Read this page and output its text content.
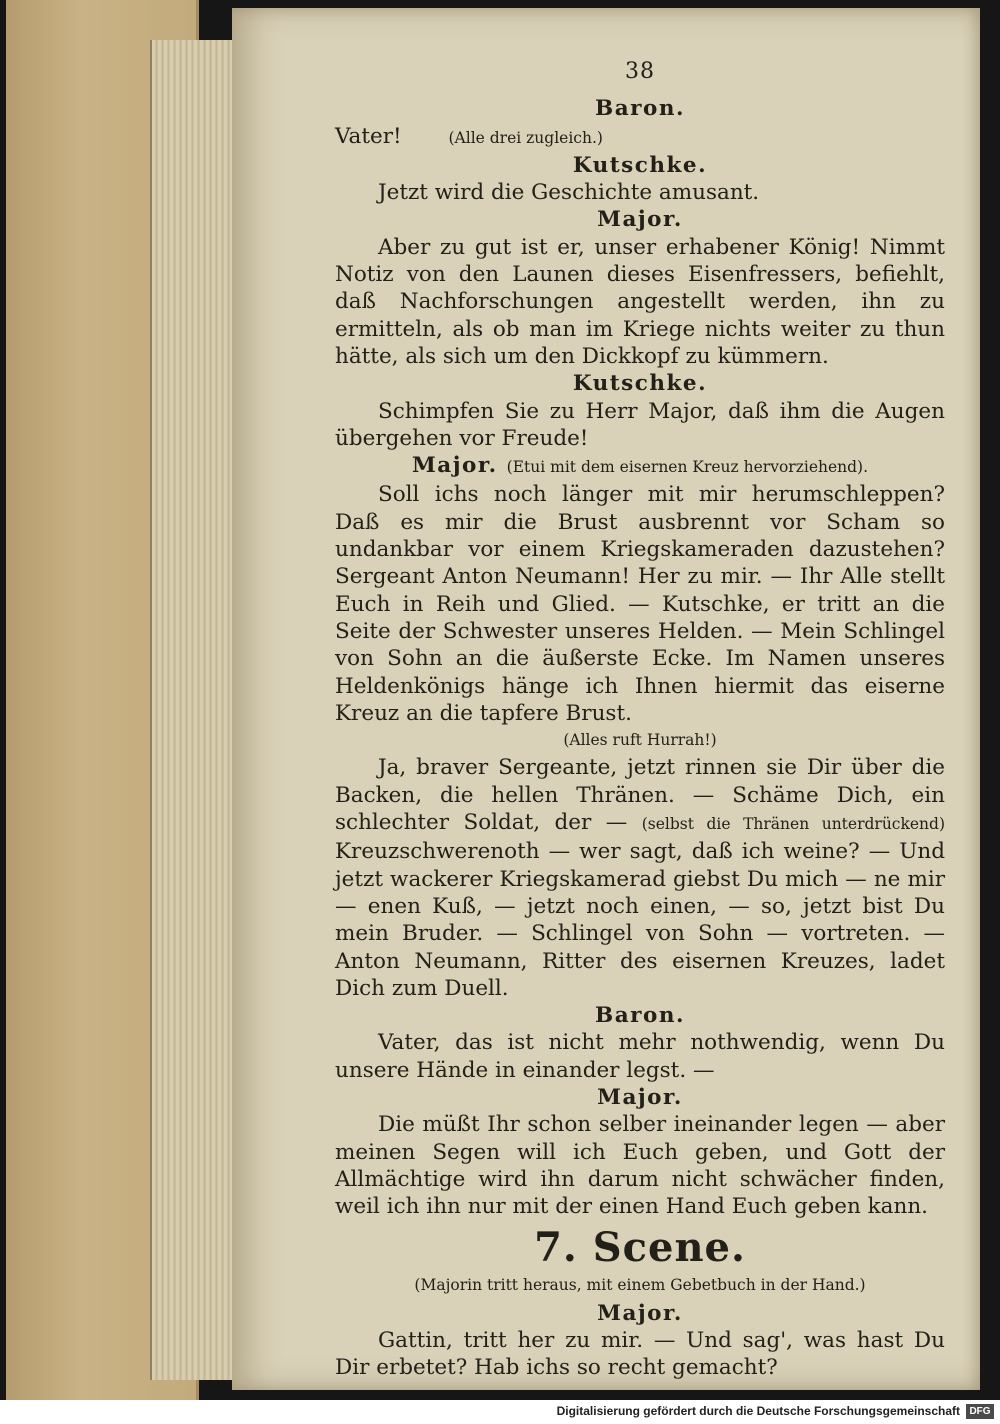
38

Baron.

Vater!	(Alle drei zugleich.)

Kutschke.

Jetzt wird die Geschichte amusant.

Major.

Aber zu gut ist er, unser erhabener König! Nimmt Notiz von den Launen dieses Eisenfressers, befiehlt, daß Nachforschungen angestellt werden, ihn zu ermitteln, als ob man im Kriege nichts weiter zu thun hätte, als sich um den Dickkopf zu kümmern.

Kutschke.

Schimpfen Sie zu Herr Major, daß ihm die Augen übergehen vor Freude!

Major. (Etui mit dem eisernen Kreuz hervorziehend).

Soll ichs noch länger mit mir herumschleppen? Daß es mir die Brust ausbrennt vor Scham so undankbar vor einem Kriegskameraden dazustehen? Sergeant Anton Neumann! Her zu mir. — Ihr Alle stellt Euch in Reih und Glied. — Kutschke, er tritt an die Seite der Schwester unseres Helden. — Mein Schlingel von Sohn an die äußerste Ecke. Im Namen unseres Heldenkönigs hänge ich Ihnen hiermit das eiserne Kreuz an die tapfere Brust.

(Alles ruft Hurrah!)

Ja, braver Sergeante, jetzt rinnen sie Dir über die Backen, die hellen Thränen. — Schäme Dich, ein schlechter Soldat, der — (selbst die Thränen unterdrückend) Kreuzschwerenoth — wer sagt, daß ich weine? — Und jetzt wackerer Kriegskamerad giebst Du mich — ne mir — enen Kuß, — jetzt noch einen, — so, jetzt bist Du mein Bruder. — Schlingel von Sohn — vortreten. — Anton Neumann, Ritter des eisernen Kreuzes, ladet Dich zum Duell.

Baron.

Vater, das ist nicht mehr nothwendig, wenn Du unsere Hände in einander legst. —

Major.

Die müßt Ihr schon selber ineinander legen — aber meinen Segen will ich Euch geben, und Gott der Allmächtige wird ihn darum nicht schwächer finden, weil ich ihn nur mit der einen Hand Euch geben kann.

7. Scene.

(Majorin tritt heraus, mit einem Gebetbuch in der Hand.)

Major.

Gattin, tritt her zu mir. — Und sag', was hast Du Dir erbetet? Hab ichs so recht gemacht?

Digitalisierung gefördert durch die Deutsche Forschungsgemeinschaft DFG
